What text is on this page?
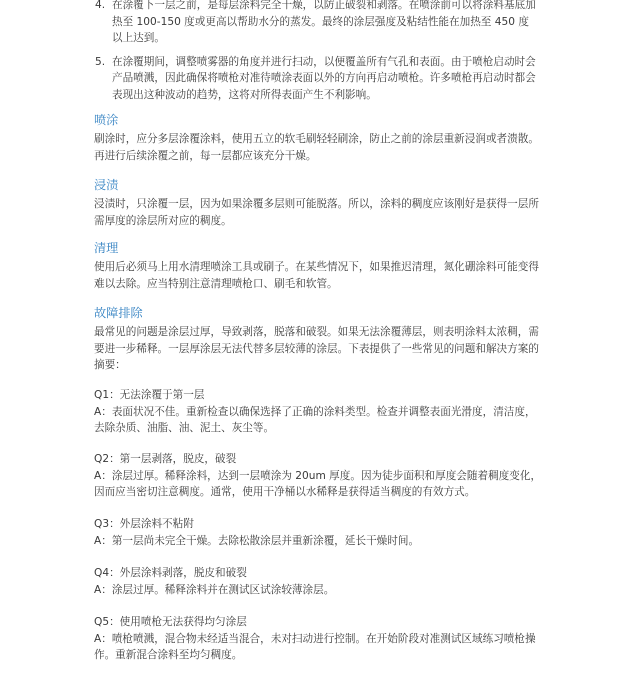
4. 在涂覆下一层之前，是每层涂料完全干燥，以防止破裂和剥落。在喷涂前可以将涂料基底加热至 100-150 度或更高以帮助水分的蒸发。最终的涂层强度及粘结性能在加热至 450 度以上达到。
5. 在涂覆期间，调整喷雾器的角度并进行扫动，以便覆盖所有气孔和表面。由于喷枪启动时会产品喷溅，因此确保将喷枪对准待喷涂表面以外的方向再启动喷枪。许多喷枪再启动时都会表现出这种波动的趋势，这将对所得表面产生不利影响。
喷涂

刷涂时，应分多层涂覆涂料，使用五立的软毛刷轻轻刷涂，防止之前的涂层重新浸润或者溃散。再进行后续涂覆之前，每一层都应该充分干燥。

浸渍

浸渍时，只涂覆一层，因为如果涂覆多层则可能脱落。所以，涂料的稠度应该刚好是获得一层所需厚度的涂层所对应的稠度。

清理

使用后必须马上用水清理喷涂工具或刷子。在某些情况下，如果推迟清理，氮化硼涂料可能变得难以去除。应当特别注意清理喷枪口、刷毛和软管。

故障排除

最常见的问题是涂层过厚，导致剥落，脱落和破裂。如果无法涂覆薄层，则表明涂料太浓稠，需要进一步稀释。一层厚涂层无法代替多层较薄的涂层。下表提供了一些常见的问题和解决方案的摘要：

Q1：无法涂覆于第一层

A：表面状况不佳。重新检查以确保选择了正确的涂料类型。检查并调整表面光滑度，清洁度，去除杂质、油脂、油、泥土、灰尘等。

Q2：第一层剥落，脱皮，破裂

A：涂层过厚。稀释涂料，达到一层喷涂为 20um 厚度。因为徒步面积和厚度会随着稠度变化，因而应当密切注意稠度。通常，使用干净桶以水稀释是获得适当稠度的有效方式。

Q3：外层涂料不粘附

A：第一层尚未完全干燥。去除松散涂层并重新涂覆，延长干燥时间。

Q4：外层涂料剥落，脱皮和破裂

A：涂层过厚。稀释涂料并在测试区试涂较薄涂层。

Q5：使用喷枪无法获得均匀涂层

A：喷枪喷溅，混合物未经适当混合，未对扫动进行控制。在开始阶段对准测试区域练习喷枪操作。重新混合涂料至均匀稠度。
